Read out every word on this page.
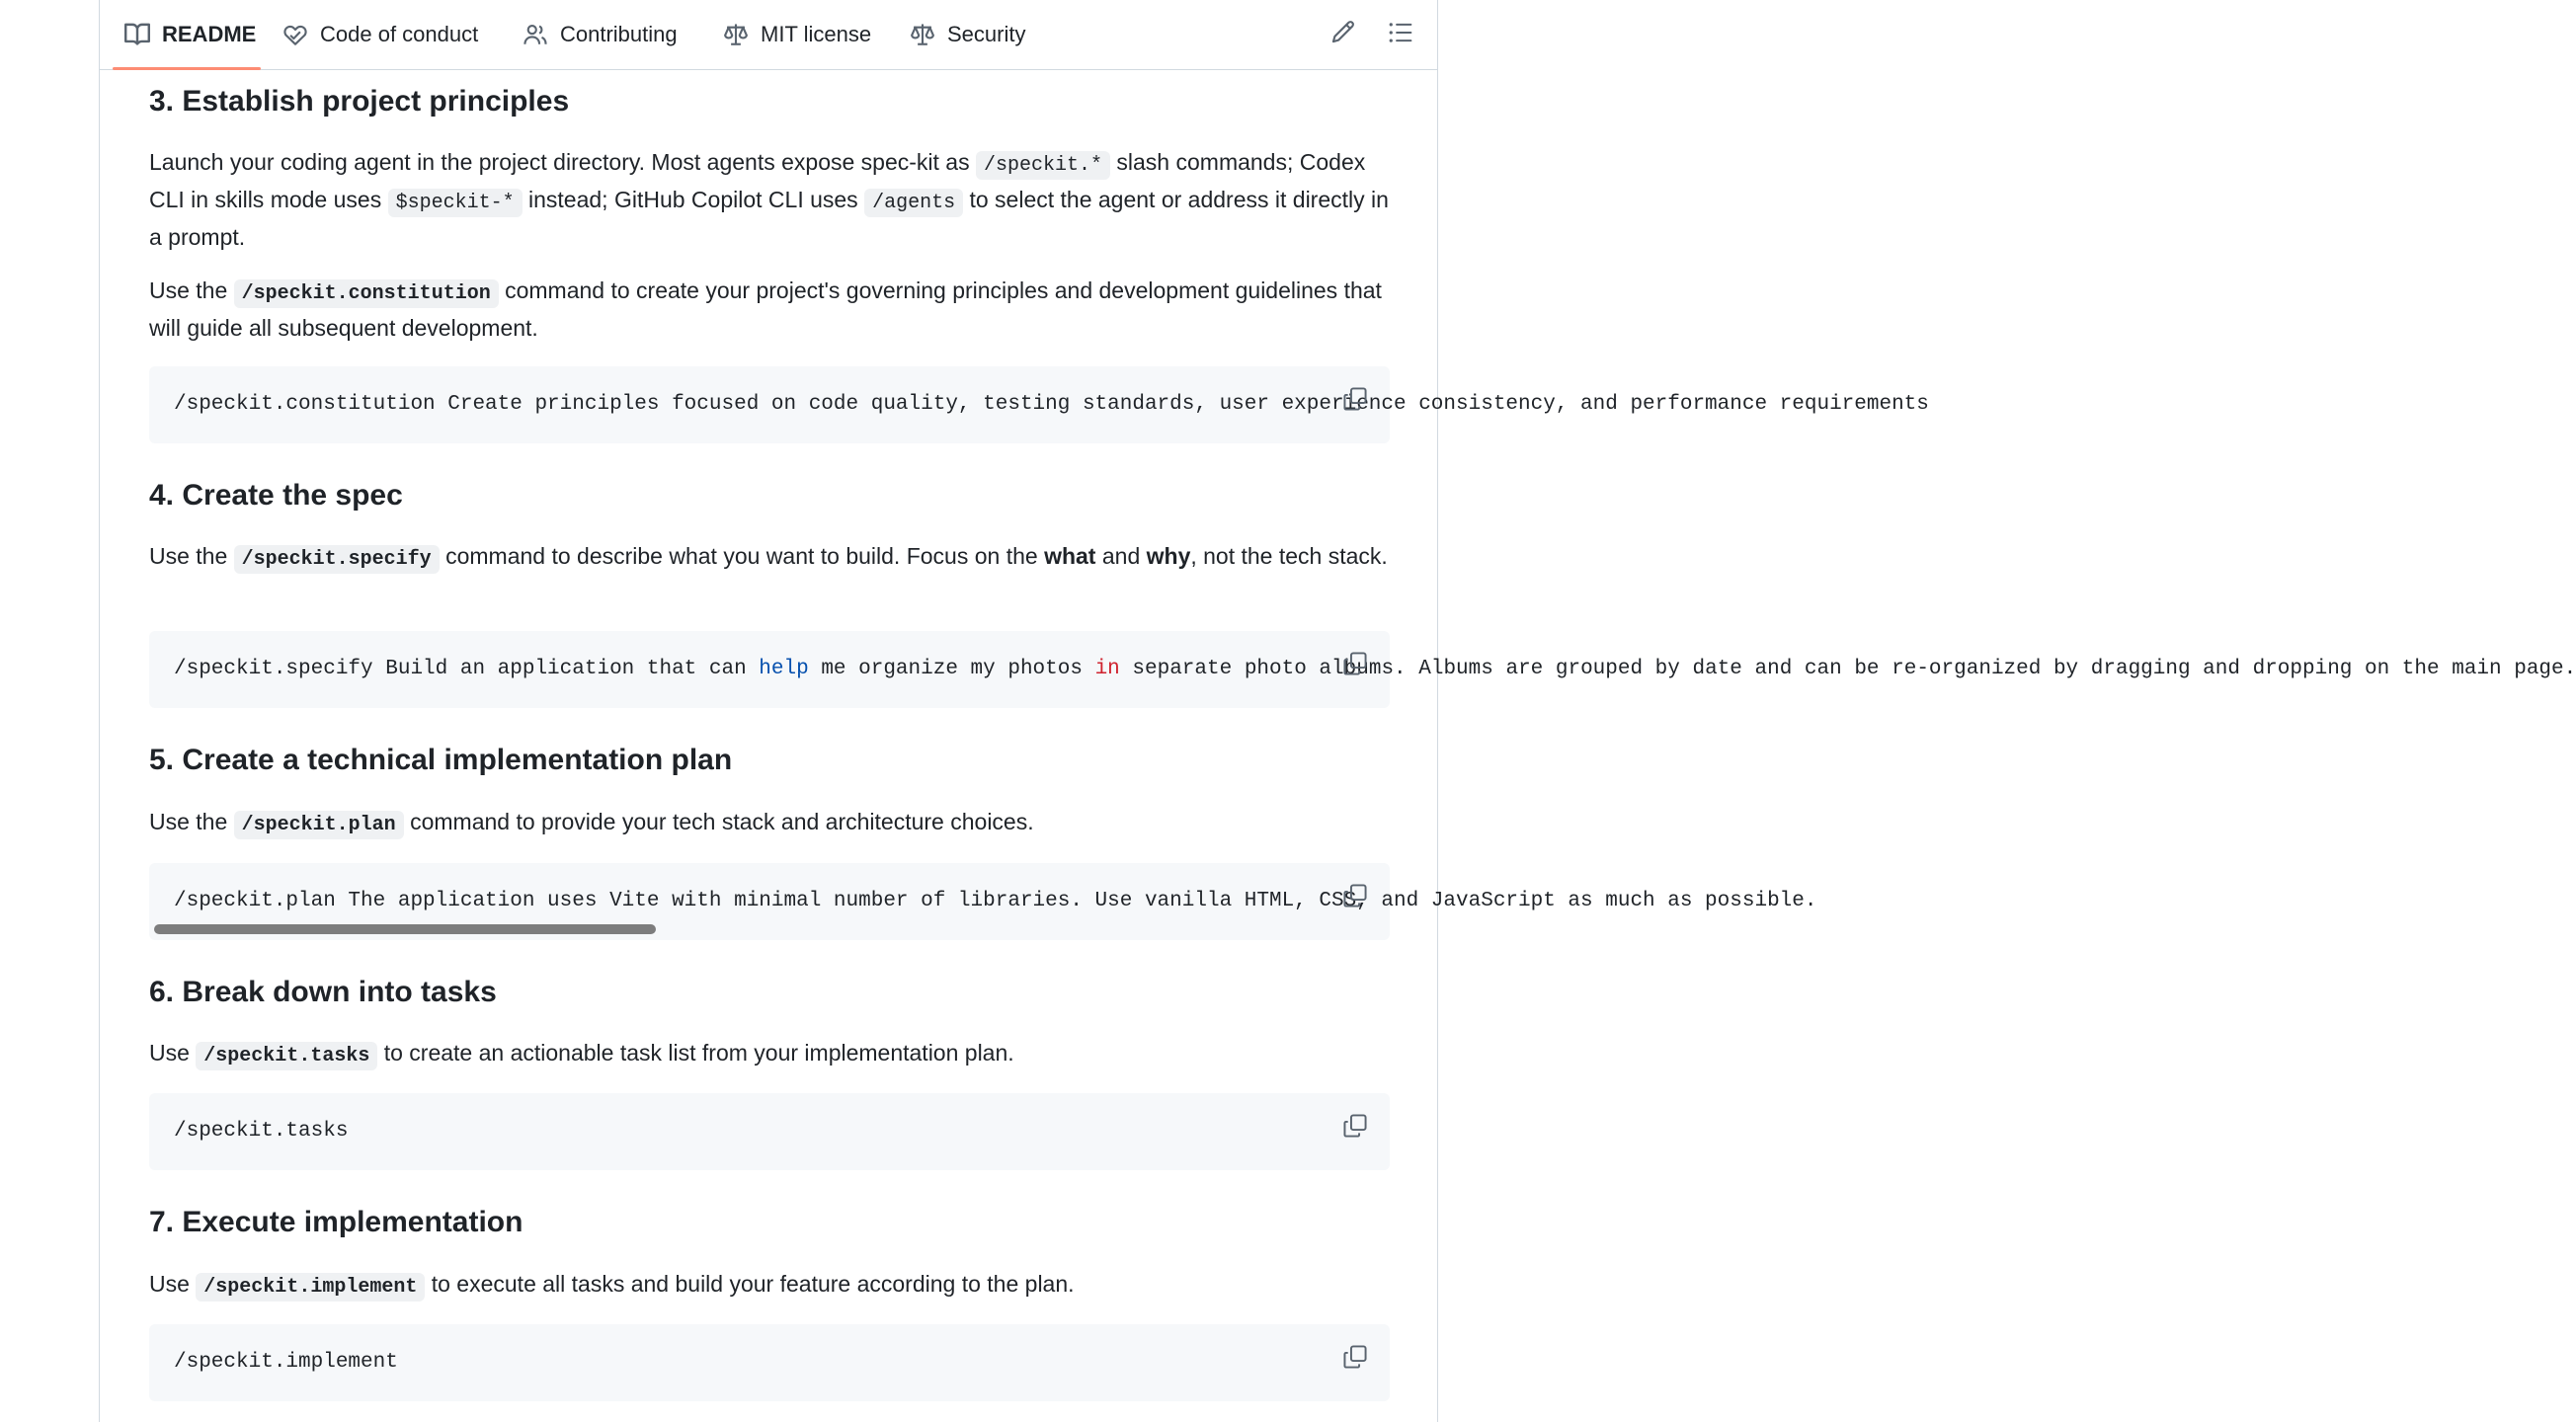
README	Code of conduct	Contributing	MIT license	Security
3. Establish project principles

Launch your coding agent in the project directory. Most agents expose spec-kit as /speckit.* slash commands; Codex CLI in skills mode uses $speckit-* instead; GitHub Copilot CLI uses /agents to select the agent or address it directly in a prompt.

Use the /speckit.constitution command to create your project's governing principles and development guidelines that will guide all subsequent development.

/speckit.constitution Create principles focused on code quality, testing standards, user experience consistency, and performance requirements
4. Create the spec

Use the /speckit.specify command to describe what you want to build. Focus on the what and why, not the tech stack.

/speckit.specify Build an application that can help me organize my photos in separate photo albums. Albums are grouped by date and can be re-organized by dragging and dropping on the main page.
5. Create a technical implementation plan

Use the /speckit.plan command to provide your tech stack and architecture choices.

/speckit.plan The application uses Vite with minimal number of libraries. Use vanilla HTML, CSS, and JavaScript as much as possible.
6. Break down into tasks

Use /speckit.tasks to create an actionable task list from your implementation plan.

/speckit.tasks
7. Execute implementation

Use /speckit.implement to execute all tasks and build your feature according to the plan.

/speckit.implement
